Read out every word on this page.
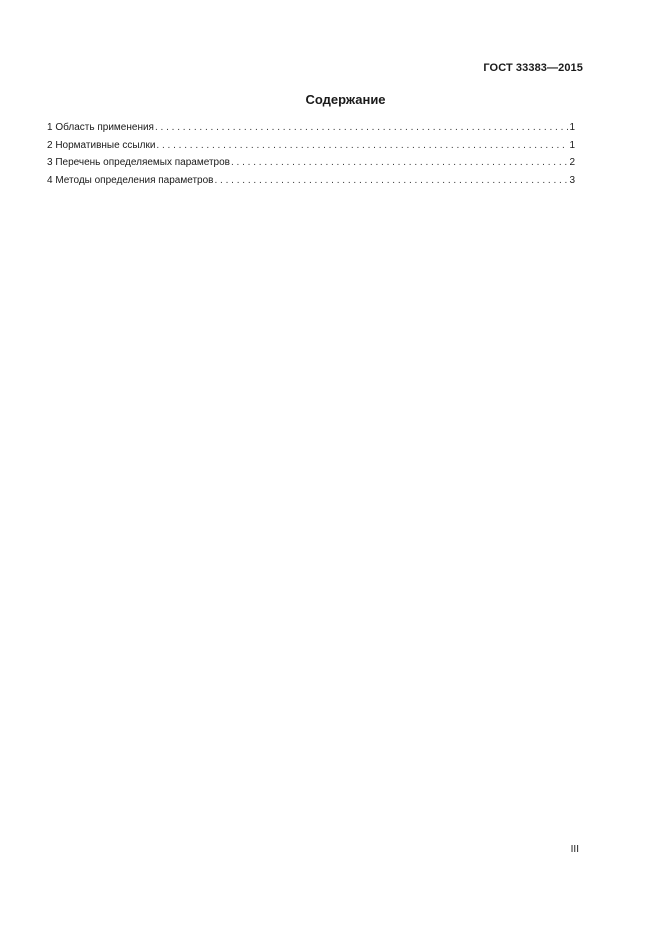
ГОСТ 33383—2015
Содержание
1 Область применения . . .	1
2 Нормативные ссылки . . .	1
3 Перечень определяемых параметров . . .	2
4 Методы определения параметров . . .	3
III
